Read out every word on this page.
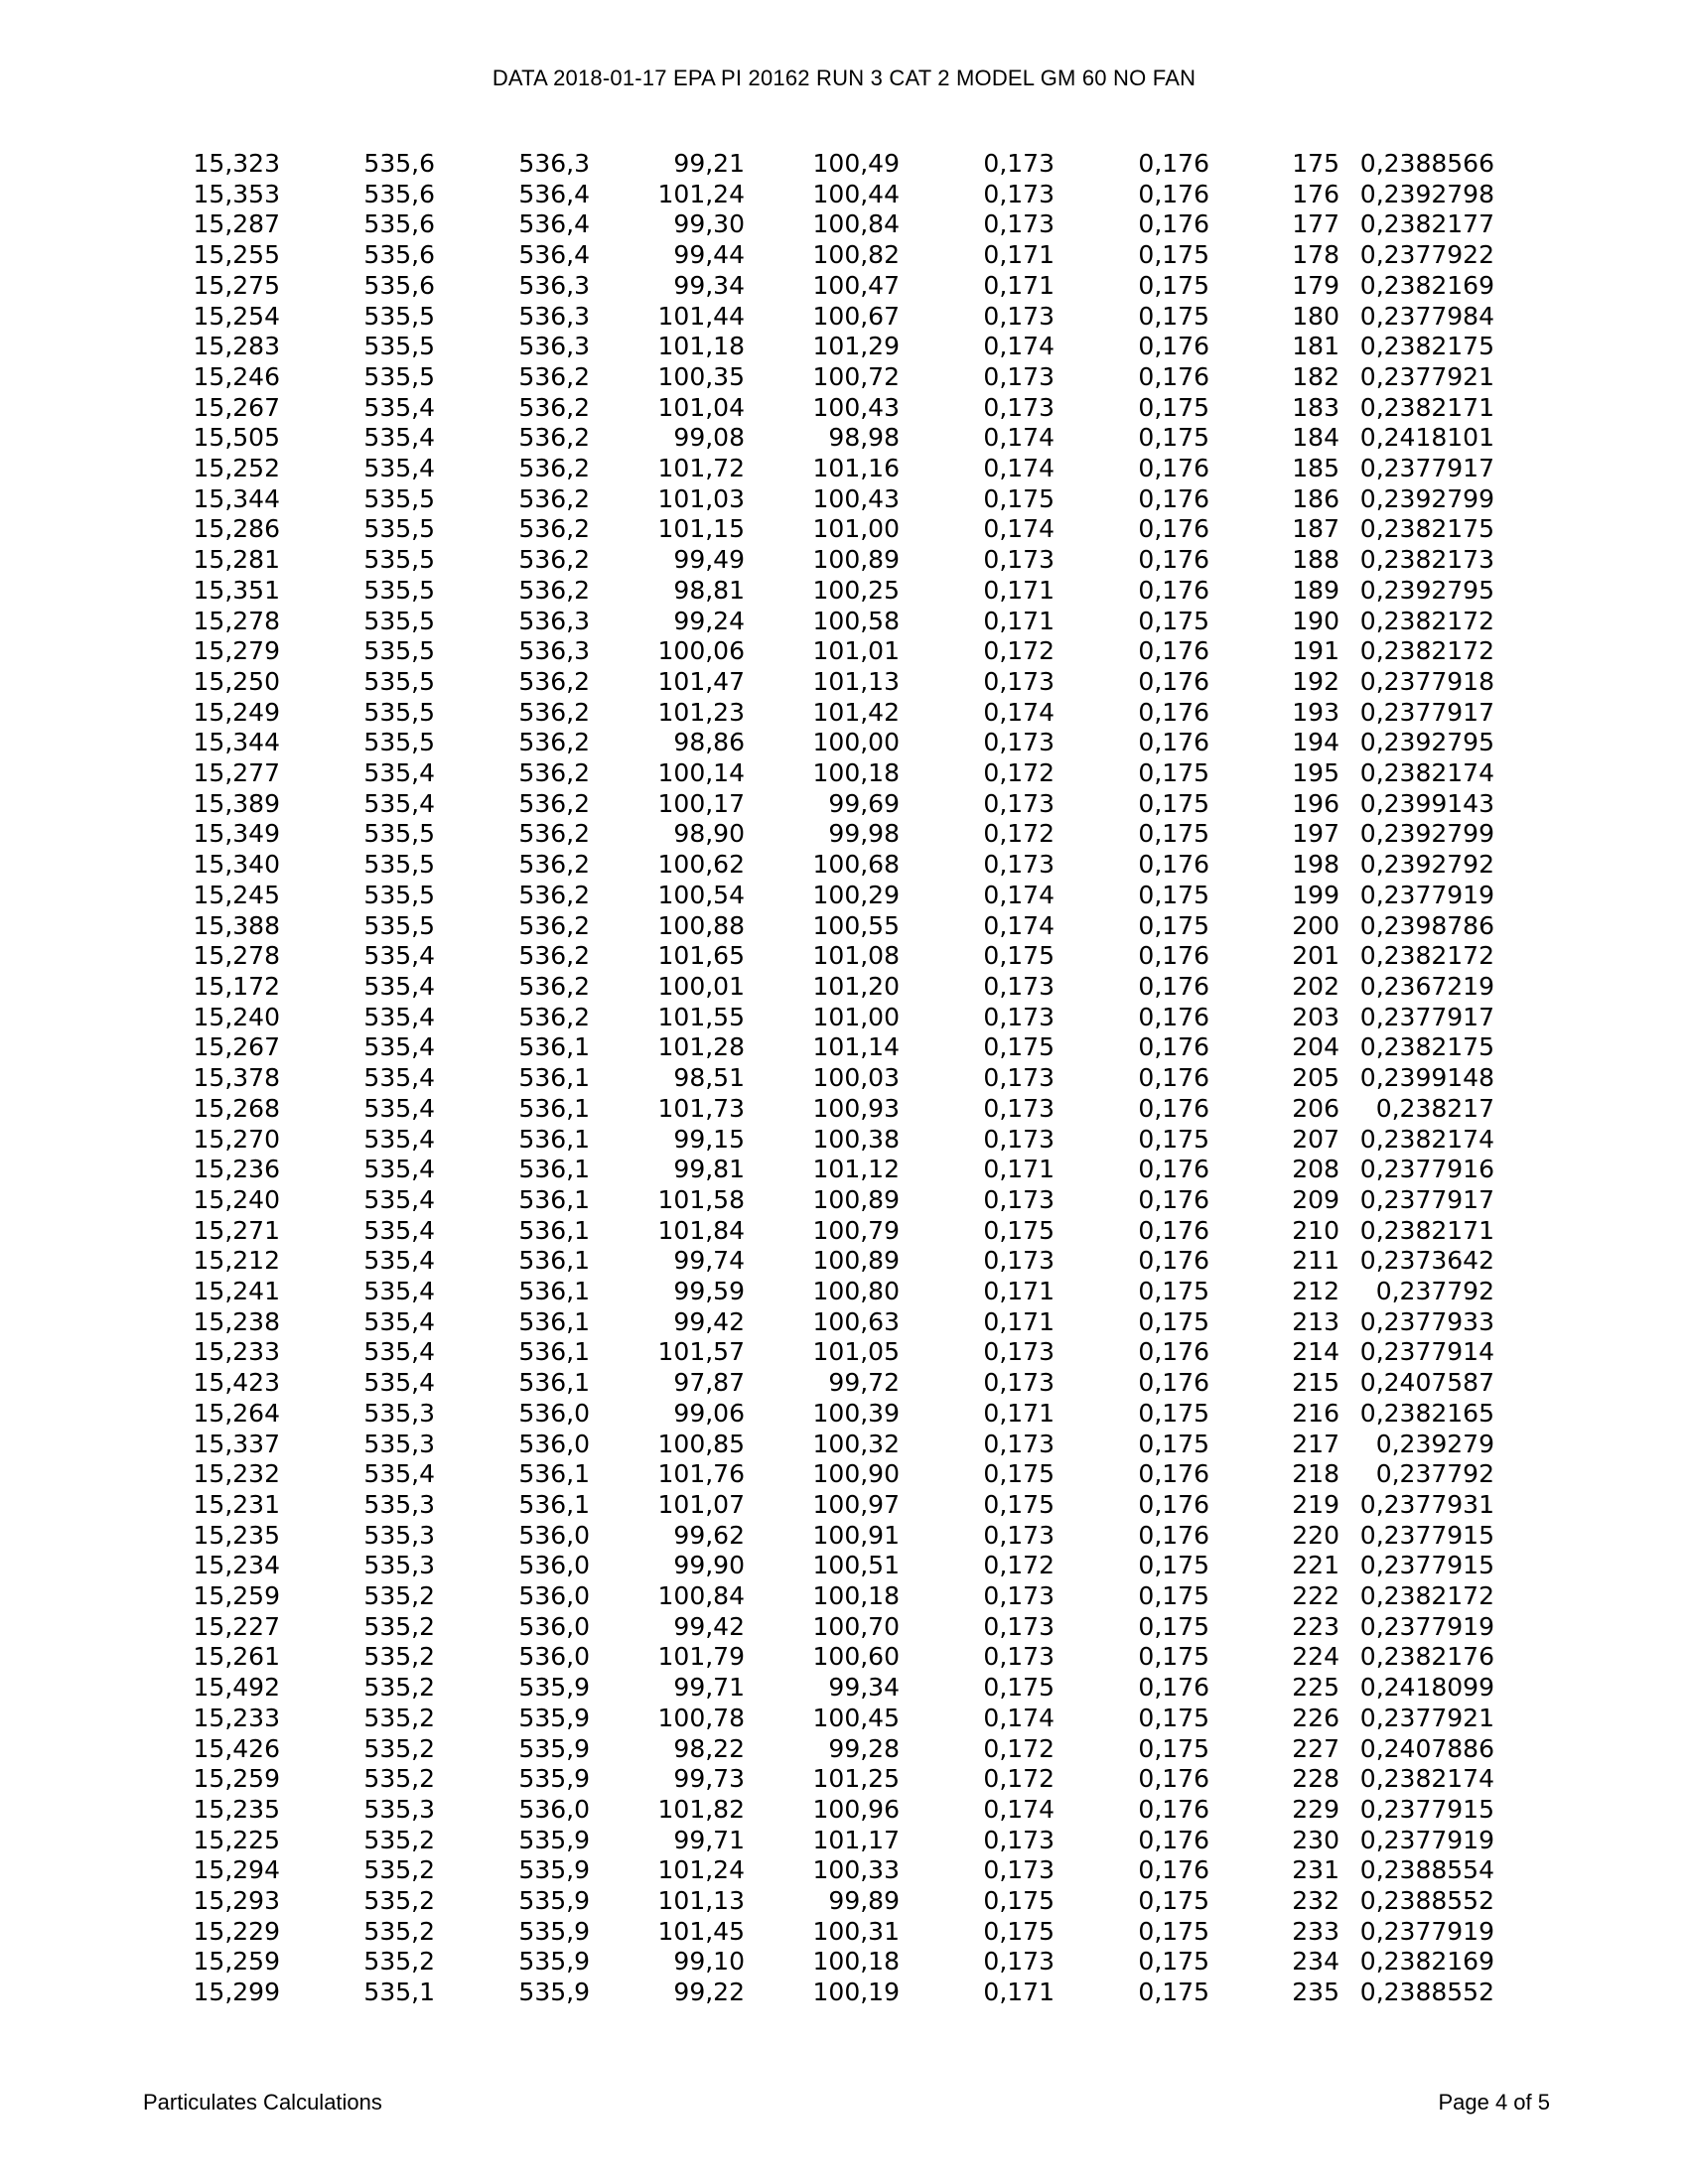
DATA 2018-01-17 EPA PI 20162 RUN 3 CAT 2 MODEL GM 60 NO FAN
15,323	535,6	536,3	99,21	100,49	0,173	0,176	175	0,2388566
15,353	535,6	536,4	101,24	100,44	0,173	0,176	176	0,2392798
15,287	535,6	536,4	99,30	100,84	0,173	0,176	177	0,2382177
15,255	535,6	536,4	99,44	100,82	0,171	0,175	178	0,2377922
15,275	535,6	536,3	99,34	100,47	0,171	0,175	179	0,2382169
15,254	535,5	536,3	101,44	100,67	0,173	0,175	180	0,2377984
15,283	535,5	536,3	101,18	101,29	0,174	0,176	181	0,2382175
15,246	535,5	536,2	100,35	100,72	0,173	0,176	182	0,2377921
15,267	535,4	536,2	101,04	100,43	0,173	0,175	183	0,2382171
15,505	535,4	536,2	99,08	98,98	0,174	0,175	184	0,2418101
15,252	535,4	536,2	101,72	101,16	0,174	0,176	185	0,2377917
15,344	535,5	536,2	101,03	100,43	0,175	0,176	186	0,2392799
15,286	535,5	536,2	101,15	101,00	0,174	0,176	187	0,2382175
15,281	535,5	536,2	99,49	100,89	0,173	0,176	188	0,2382173
15,351	535,5	536,2	98,81	100,25	0,171	0,176	189	0,2392795
15,278	535,5	536,3	99,24	100,58	0,171	0,175	190	0,2382172
15,279	535,5	536,3	100,06	101,01	0,172	0,176	191	0,2382172
15,250	535,5	536,2	101,47	101,13	0,173	0,176	192	0,2377918
15,249	535,5	536,2	101,23	101,42	0,174	0,176	193	0,2377917
15,344	535,5	536,2	98,86	100,00	0,173	0,176	194	0,2392795
15,277	535,4	536,2	100,14	100,18	0,172	0,175	195	0,2382174
15,389	535,4	536,2	100,17	99,69	0,173	0,175	196	0,2399143
15,349	535,5	536,2	98,90	99,98	0,172	0,175	197	0,2392799
15,340	535,5	536,2	100,62	100,68	0,173	0,176	198	0,2392792
15,245	535,5	536,2	100,54	100,29	0,174	0,175	199	0,2377919
15,388	535,5	536,2	100,88	100,55	0,174	0,175	200	0,2398786
15,278	535,4	536,2	101,65	101,08	0,175	0,176	201	0,2382172
15,172	535,4	536,2	100,01	101,20	0,173	0,176	202	0,2367219
15,240	535,4	536,2	101,55	101,00	0,173	0,176	203	0,2377917
15,267	535,4	536,1	101,28	101,14	0,175	0,176	204	0,2382175
15,378	535,4	536,1	98,51	100,03	0,173	0,176	205	0,2399148
15,268	535,4	536,1	101,73	100,93	0,173	0,176	206	0,238217
15,270	535,4	536,1	99,15	100,38	0,173	0,175	207	0,2382174
15,236	535,4	536,1	99,81	101,12	0,171	0,176	208	0,2377916
15,240	535,4	536,1	101,58	100,89	0,173	0,176	209	0,2377917
15,271	535,4	536,1	101,84	100,79	0,175	0,176	210	0,2382171
15,212	535,4	536,1	99,74	100,89	0,173	0,176	211	0,2373642
15,241	535,4	536,1	99,59	100,80	0,171	0,175	212	0,237792
15,238	535,4	536,1	99,42	100,63	0,171	0,175	213	0,2377933
15,233	535,4	536,1	101,57	101,05	0,173	0,176	214	0,2377914
15,423	535,4	536,1	97,87	99,72	0,173	0,176	215	0,2407587
15,264	535,3	536,0	99,06	100,39	0,171	0,175	216	0,2382165
15,337	535,3	536,0	100,85	100,32	0,173	0,175	217	0,239279
15,232	535,4	536,1	101,76	100,90	0,175	0,176	218	0,237792
15,231	535,3	536,1	101,07	100,97	0,175	0,176	219	0,2377931
15,235	535,3	536,0	99,62	100,91	0,173	0,176	220	0,2377915
15,234	535,3	536,0	99,90	100,51	0,172	0,175	221	0,2377915
15,259	535,2	536,0	100,84	100,18	0,173	0,175	222	0,2382172
15,227	535,2	536,0	99,42	100,70	0,173	0,175	223	0,2377919
15,261	535,2	536,0	101,79	100,60	0,173	0,175	224	0,2382176
15,492	535,2	535,9	99,71	99,34	0,175	0,176	225	0,2418099
15,233	535,2	535,9	100,78	100,45	0,174	0,175	226	0,2377921
15,426	535,2	535,9	98,22	99,28	0,172	0,175	227	0,2407886
15,259	535,2	535,9	99,73	101,25	0,172	0,176	228	0,2382174
15,235	535,3	536,0	101,82	100,96	0,174	0,176	229	0,2377915
15,225	535,2	535,9	99,71	101,17	0,173	0,176	230	0,2377919
15,294	535,2	535,9	101,24	100,33	0,173	0,176	231	0,2388554
15,293	535,2	535,9	101,13	99,89	0,175	0,175	232	0,2388552
15,229	535,2	535,9	101,45	100,31	0,175	0,175	233	0,2377919
15,259	535,2	535,9	99,10	100,18	0,173	0,175	234	0,2382169
15,299	535,1	535,9	99,22	100,19	0,171	0,175	235	0,2388552
Particulates Calculations	Page 4 of 5
